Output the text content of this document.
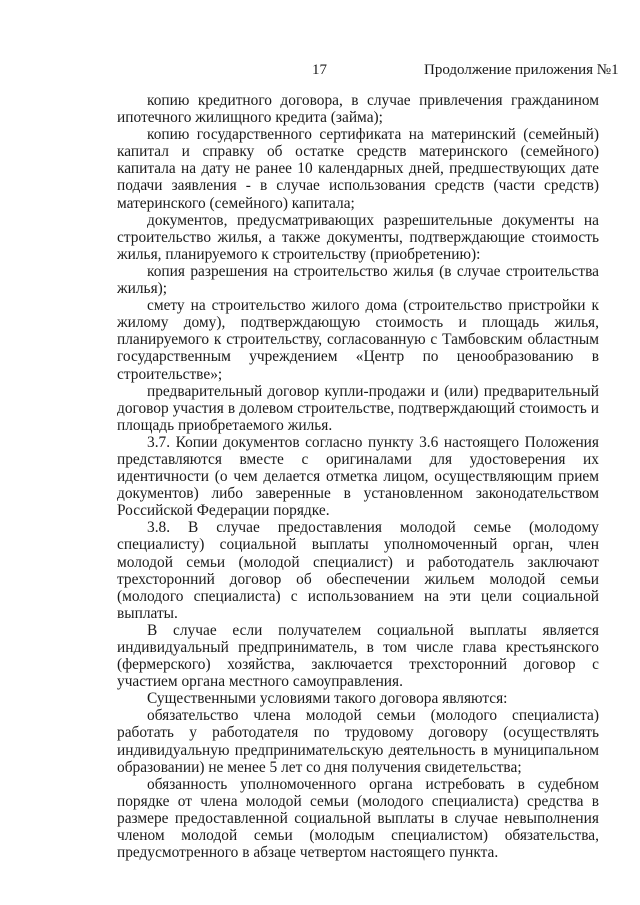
17	Продолжение приложения №1

копию кредитного договора, в случае привлечения гражданином ипотечного жилищного кредита (займа);

копию государственного сертификата на материнский (семейный) капитал и справку об остатке средств материнского (семейного) капитала на дату не ранее 10 календарных дней, предшествующих дате подачи заявления - в случае использования средств (части средств) материнского (семейного) капитала;

документов, предусматривающих разрешительные документы на строительство жилья, а также документы, подтверждающие стоимость жилья, планируемого к строительству (приобретению):

копия разрешения на строительство жилья (в случае строительства жилья);

смету на строительство жилого дома (строительство пристройки к жилому дому), подтверждающую стоимость и площадь жилья, планируемого к строительству, согласованную с Тамбовским областным государственным учреждением «Центр по ценообразованию в строительстве»;

предварительный договор купли-продажи и (или) предварительный договор участия в долевом строительстве, подтверждающий стоимость и площадь приобретаемого жилья.

3.7. Копии документов согласно пункту 3.6 настоящего Положения представляются вместе с оригиналами для удостоверения их идентичности (о чем делается отметка лицом, осуществляющим прием документов) либо заверенные в установленном законодательством Российской Федерации порядке.

3.8. В случае предоставления молодой семье (молодому специалисту) социальной выплаты уполномоченный орган, член молодой семьи (молодой специалист) и работодатель заключают трехсторонний договор об обеспечении жильем молодой семьи (молодого специалиста) с использованием на эти цели социальной выплаты.

В случае если получателем социальной выплаты является индивидуальный предприниматель, в том числе глава крестьянского (фермерского) хозяйства, заключается трехсторонний договор с участием органа местного самоуправления.

Существенными условиями такого договора являются:

обязательство члена молодой семьи (молодого специалиста) работать у работодателя по трудовому договору (осуществлять индивидуальную предпринимательскую деятельность в муниципальном образовании) не менее 5 лет со дня получения свидетельства;

обязанность уполномоченного органа истребовать в судебном порядке от члена молодой семьи (молодого специалиста) средства в размере предоставленной социальной выплаты в случае невыполнения членом молодой семьи (молодым специалистом) обязательства, предусмотренного в абзаце четвертом настоящего пункта.
